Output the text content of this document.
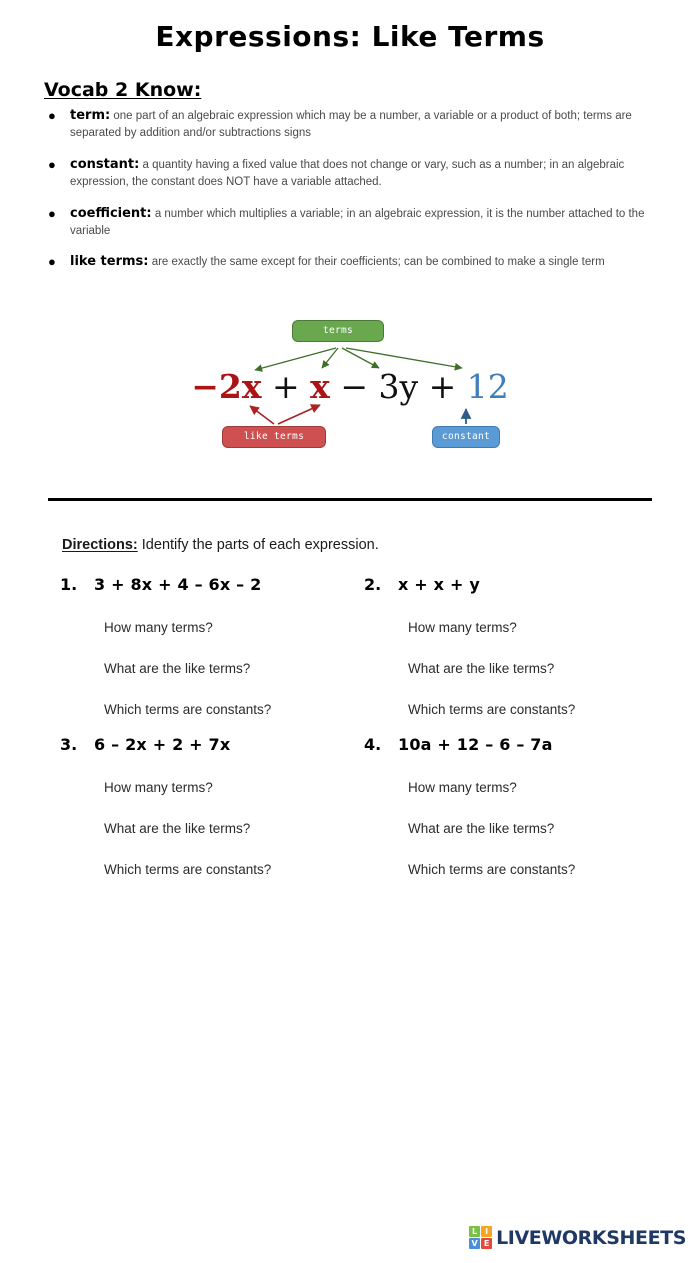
Expressions: Like Terms
Vocab 2 Know:
● term: one part of an algebraic expression which may be a number, a variable or a product of both; terms are separated by addition and/or subtractions signs
● constant: a quantity having a fixed value that does not change or vary, such as a number; in an algebraic expression, the constant does NOT have a variable attached.
● coefficient: a number which multiplies a variable; in an algebraic expression, it is the number attached to the variable
● like terms: are exactly the same except for their coefficients; can be combined to make a single term
terms
−2x + x − 3y + 12
like terms	constant
Directions: Identify the parts of each expression.
1.	3 + 8x + 4 – 6x – 2
How many terms?
What are the like terms?
Which terms are constants?
2.	x + x + y
How many terms?
What are the like terms?
Which terms are constants?
3.	6 – 2x + 2 + 7x
How many terms?
What are the like terms?
Which terms are constants?
4.	10a + 12 – 6 – 7a
How many terms?
What are the like terms?
Which terms are constants?
L I
V E LIVEWORKSHEETS
